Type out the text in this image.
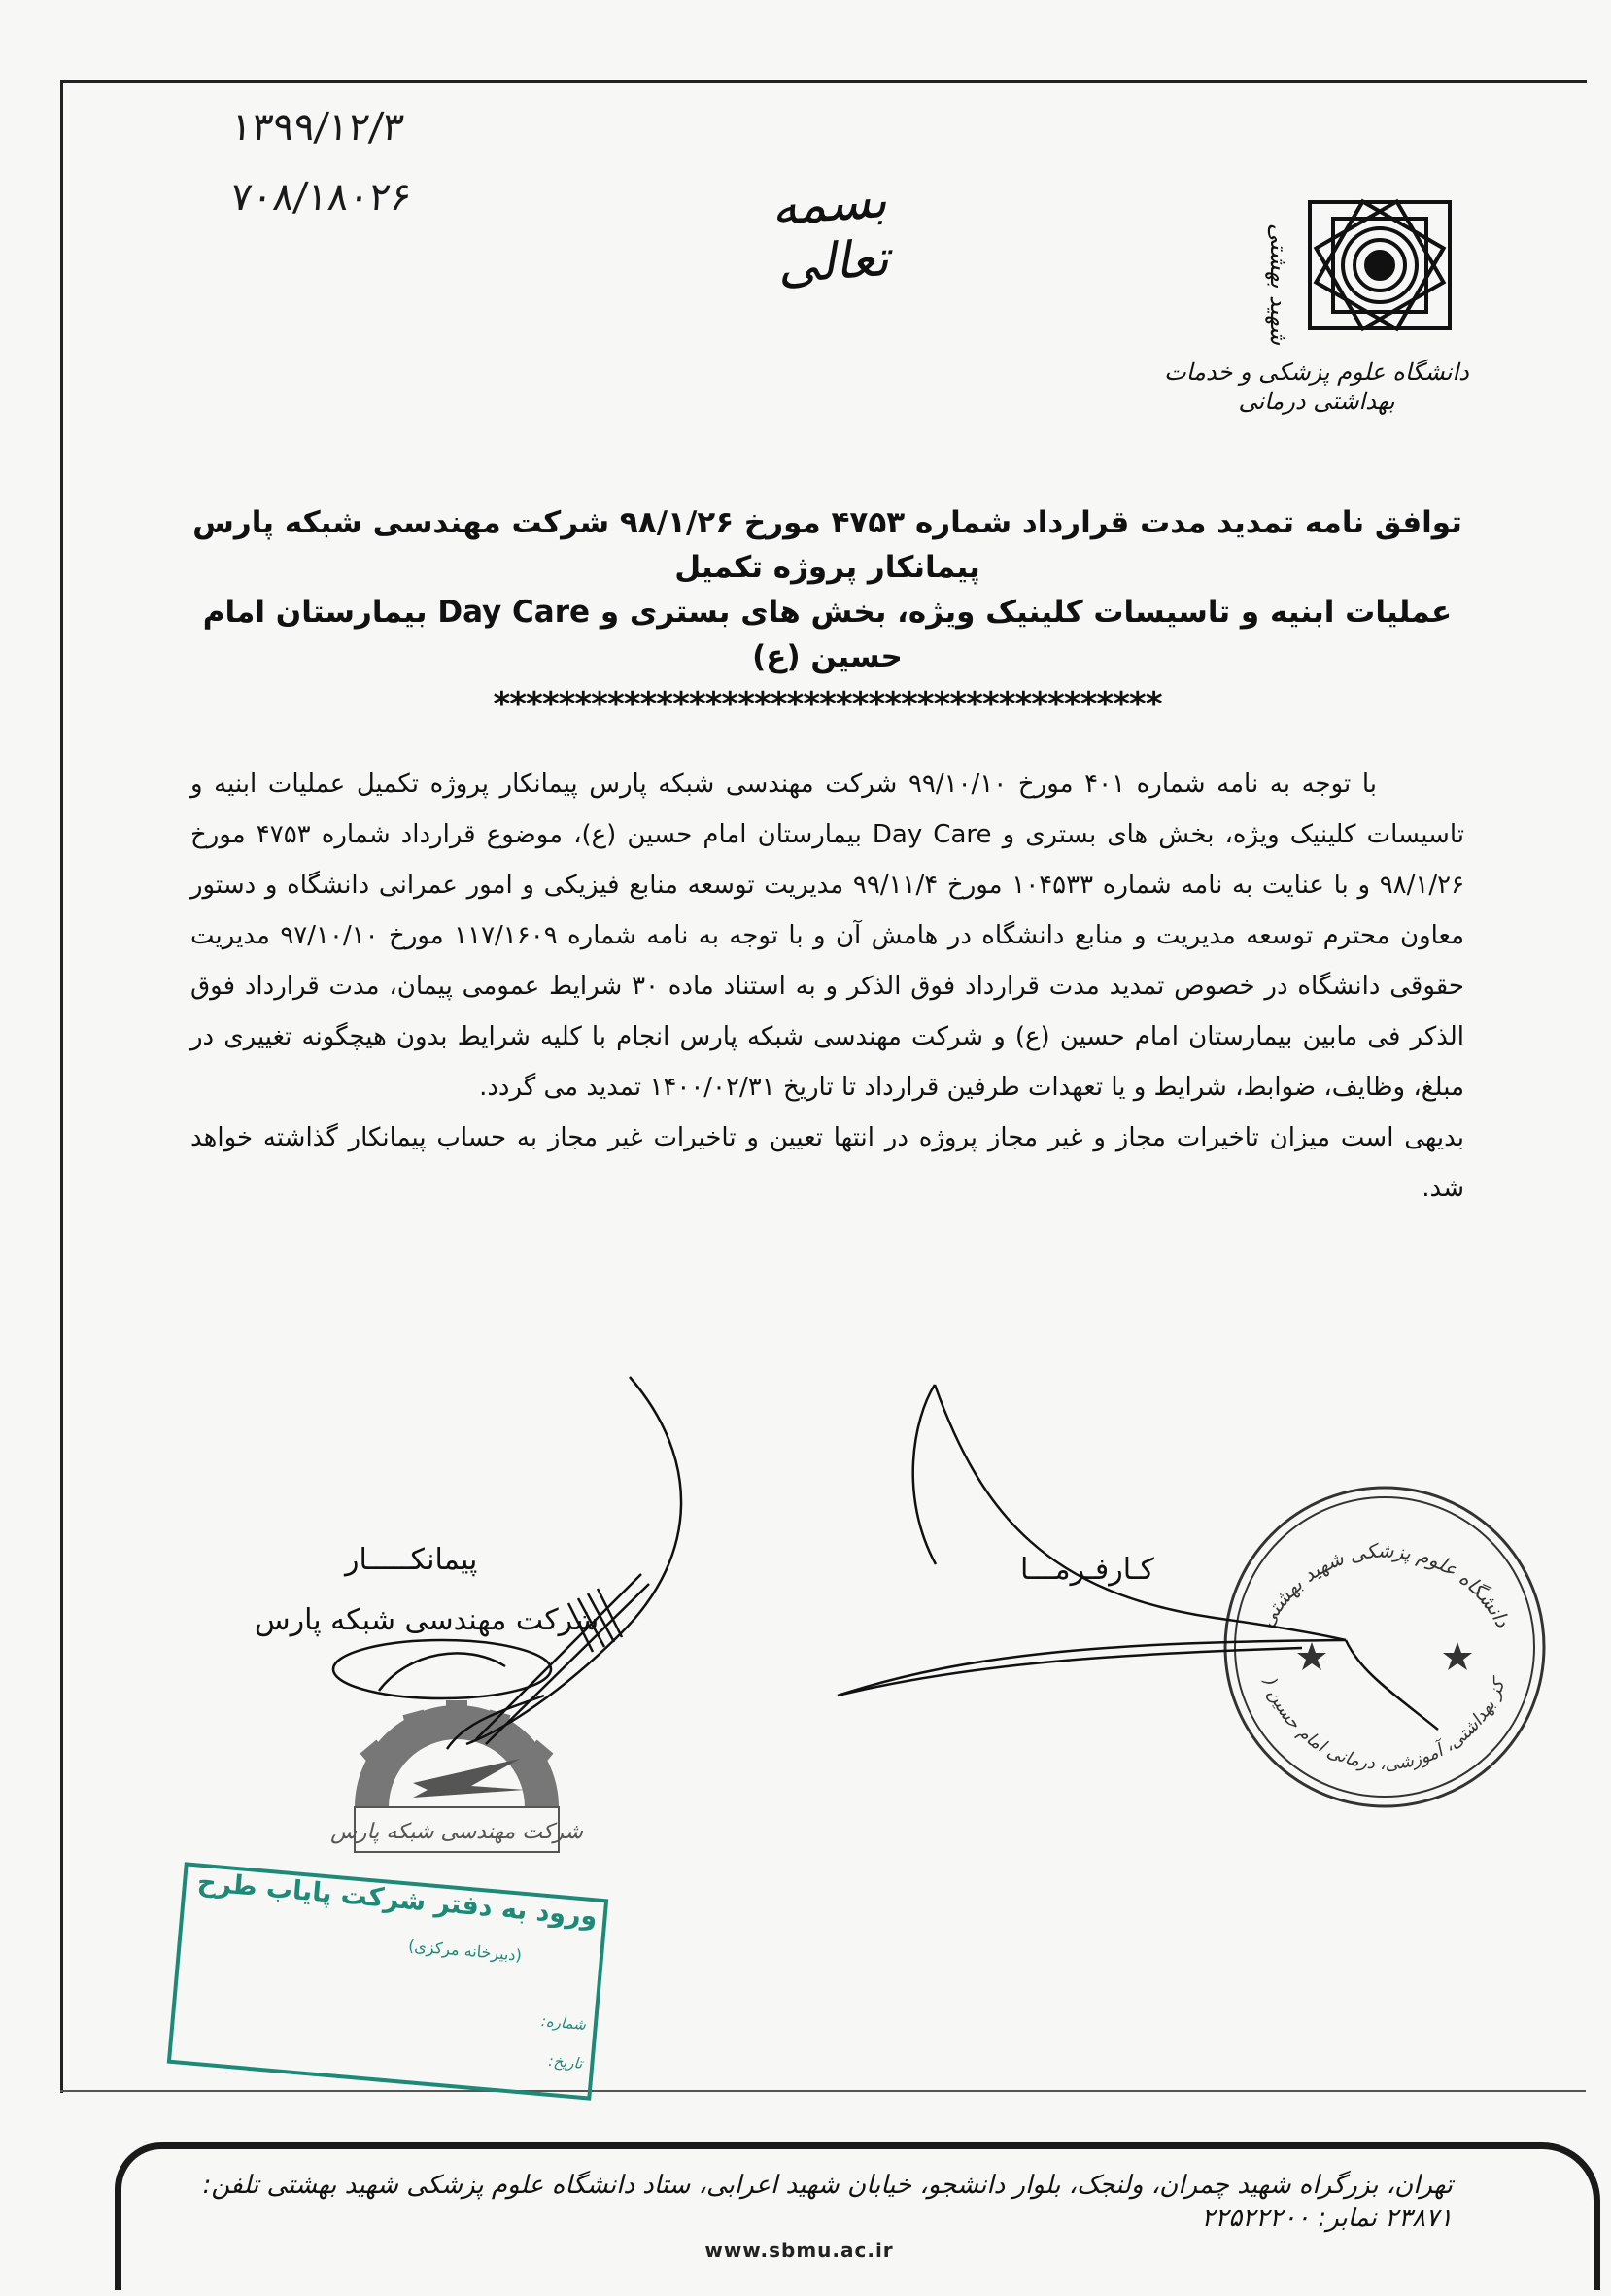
۱۳۹۹/۱۲/۳
۷۰۸/۱۸۰۲۶	بسمه تعالی	شهید بهشتی
دانشگاه علوم پزشکی و خدمات بهداشتی درمانی
توافق نامه تمدید مدت قرارداد شماره ۴۷۵۳ مورخ ۹۸/۱/۲۶ شرکت مهندسی شبکه پارس پیمانکار پروژه تکمیل
عملیات ابنیه و تاسیسات کلینیک ویژه، بخش های بستری و Day Care بیمارستان امام حسین (ع)
*****************************************

با توجه به نامه شماره ۴۰۱ مورخ ۹۹/۱۰/۱۰ شرکت مهندسی شبکه پارس پیمانکار پروژه تکمیل عملیات ابنیه و تاسیسات کلینیک ویژه، بخش های بستری و Day Care بیمارستان امام حسین (ع)، موضوع قرارداد شماره ۴۷۵۳ مورخ ۹۸/۱/۲۶ و با عنایت به نامه شماره ۱۰۴۵۳۳ مورخ ۹۹/۱۱/۴ مدیریت توسعه منابع فیزیکی و امور عمرانی دانشگاه و دستور معاون محترم توسعه مدیریت و منابع دانشگاه در هامش آن و با توجه به نامه شماره ۱۱۷/۱۶۰۹ مورخ ۹۷/۱۰/۱۰ مدیریت حقوقی دانشگاه در خصوص تمدید مدت قرارداد فوق الذکر و به استناد ماده ۳۰ شرایط عمومی پیمان، مدت قرارداد فوق الذکر فی مابین بیمارستان امام حسین (ع) و شرکت مهندسی شبکه پارس انجام با کلیه شرایط بدون هیچگونه تغییری در مبلغ، وظایف، ضوابط، شرایط و یا تعهدات طرفین قرارداد تا تاریخ ۱۴۰۰/۰۲/۳۱ تمدید می گردد.

بدیهی است میزان تاخیرات مجاز و غیر مجاز پروژه در انتها تعیین و تاخیرات غیر مجاز به حساب پیمانکار گذاشته خواهد شد.

پیمانکـــــار
شرکت مهندسی شبکه پارس
کـارفـرمـــا
شرکت مهندسی شبکه پارس
دانشگاه علوم پزشکی شهید بهشتی
کز بهداشتی، آموزشی، درمانی امام حسین (
ورود به دفتر شرکت پایاب طرح
(دبیرخانه مرکزی)
شماره:
تاریخ:
تهران، بزرگراه شهید چمران، ولنجک، بلوار دانشجو، خیابان شهید اعرابی، ستاد دانشگاه علوم پزشکی شهید بهشتی تلفن: ۲۳۸۷۱ نمابر: ۲۲۵۲۲۲۰۰
www.sbmu.ac.ir
